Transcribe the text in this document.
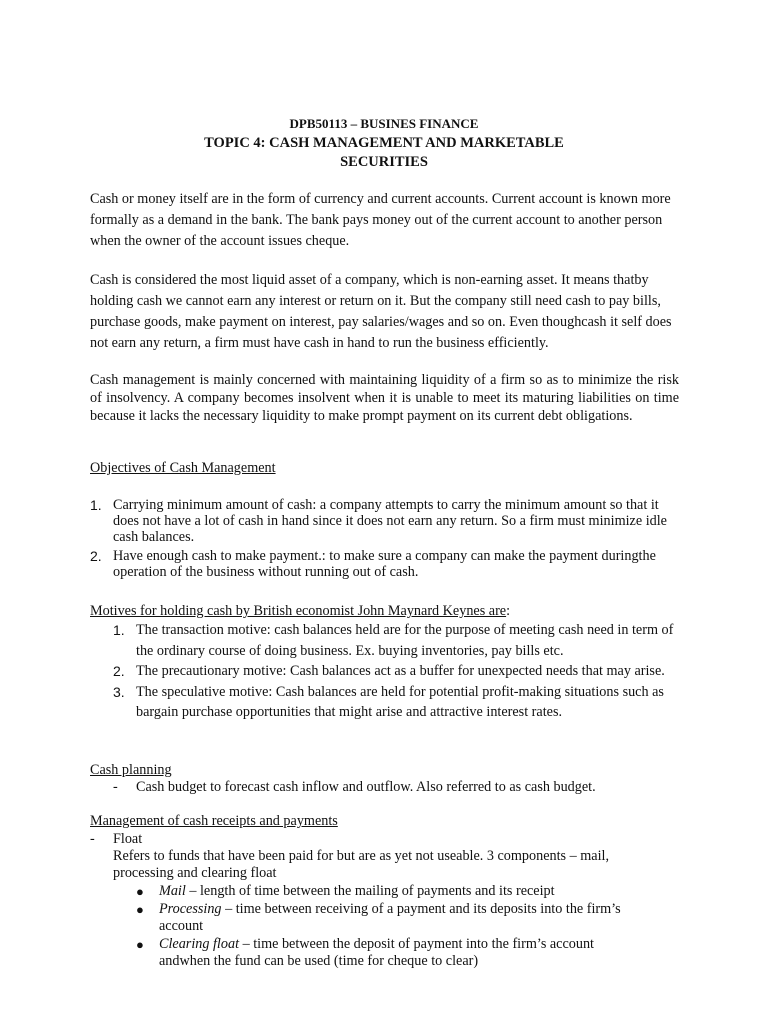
DPB50113 – BUSINES FINANCE
TOPIC 4: CASH MANAGEMENT AND MARKETABLE
SECURITIES

Cash or money itself are in the form of currency and current accounts. Current account is known more formally as a demand in the bank. The bank pays money out of the current account to another person when the owner of the account issues cheque.

Cash is considered the most liquid asset of a company, which is non-earning asset. It means thatby holding cash we cannot earn any interest or return on it. But the company still need cash to pay bills, purchase goods, make payment on interest, pay salaries/wages and so on. Even thoughcash it self does not earn any return, a firm must have cash in hand to run the business efficiently.

Cash management is mainly concerned with maintaining liquidity of a firm so as to minimize the risk of insolvency. A company becomes insolvent when it is unable to meet its maturing liabilities on time because it lacks the necessary liquidity to make prompt payment on its current debt obligations.

Objectives of Cash Management

1. Carrying minimum amount of cash: a company attempts to carry the minimum amount so that it does not have a lot of cash in hand since it does not earn any return. So a firm must minimize idle cash balances.
2. Have enough cash to make payment.: to make sure a company can make the payment duringthe operation of the business without running out of cash.

Motives for holding cash by British economist John Maynard Keynes are:

1. The transaction motive: cash balances held are for the purpose of meeting cash need in term of the ordinary course of doing business. Ex. buying inventories, pay bills etc.
2. The precautionary motive: Cash balances act as a buffer for unexpected needs that may arise.
3. The speculative motive: Cash balances are held for potential profit-making situations such as bargain purchase opportunities that might arise and attractive interest rates.

Cash planning

- Cash budget to forecast cash inflow and outflow. Also referred to as cash budget.

Management of cash receipts and payments

- Float
Refers to funds that have been paid for but are as yet not useable. 3 components – mail, processing and clearing float
● Mail – length of time between the mailing of payments and its receipt
● Processing – time between receiving of a payment and its deposits into the firm’s account
● Clearing float – time between the deposit of payment into the firm’s account andwhen the fund can be used (time for cheque to clear)
